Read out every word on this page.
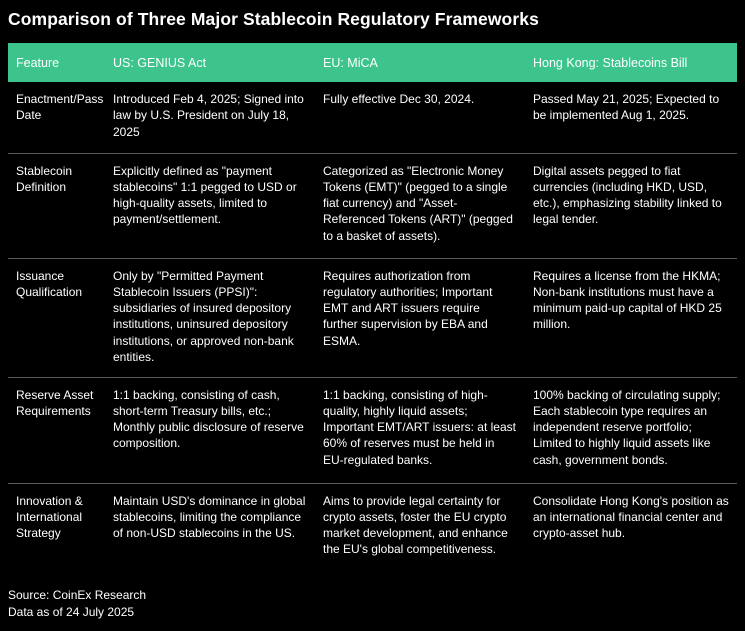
Comparison of Three Major Stablecoin Regulatory Frameworks
Feature	US: GENIUS Act	EU: MiCA	Hong Kong: Stablecoins Bill
Enactment/Pass Date	Introduced Feb 4, 2025; Signed into law by U.S. President on July 18, 2025	Fully effective Dec 30, 2024.	Passed May 21, 2025; Expected to be implemented Aug 1, 2025.
Stablecoin Definition	Explicitly defined as "payment stablecoins" 1:1 pegged to USD or high-quality assets, limited to payment/settlement.	Categorized as "Electronic Money Tokens (EMT)" (pegged to a single fiat currency) and "Asset-Referenced Tokens (ART)" (pegged to a basket of assets).	Digital assets pegged to fiat currencies (including HKD, USD, etc.), emphasizing stability linked to legal tender.
Issuance Qualification	Only by "Permitted Payment Stablecoin Issuers (PPSI)": subsidiaries of insured depository institutions, uninsured depository institutions, or approved non-bank entities.	Requires authorization from regulatory authorities; Important EMT and ART issuers require further supervision by EBA and ESMA.	Requires a license from the HKMA; Non-bank institutions must have a minimum paid-up capital of HKD 25 million.
Reserve Asset Requirements	1:1 backing, consisting of cash, short-term Treasury bills, etc.; Monthly public disclosure of reserve composition.	1:1 backing, consisting of high-quality, highly liquid assets; Important EMT/ART issuers: at least 60% of reserves must be held in EU-regulated banks.	100% backing of circulating supply; Each stablecoin type requires an independent reserve portfolio; Limited to highly liquid assets like cash, government bonds.
Innovation & International Strategy	Maintain USD's dominance in global stablecoins, limiting the compliance of non-USD stablecoins in the US.	Aims to provide legal certainty for crypto assets, foster the EU crypto market development, and enhance the EU's global competitiveness.	Consolidate Hong Kong's position as an international financial center and crypto-asset hub.
Source: CoinEx Research
Data as of 24 July 2025
